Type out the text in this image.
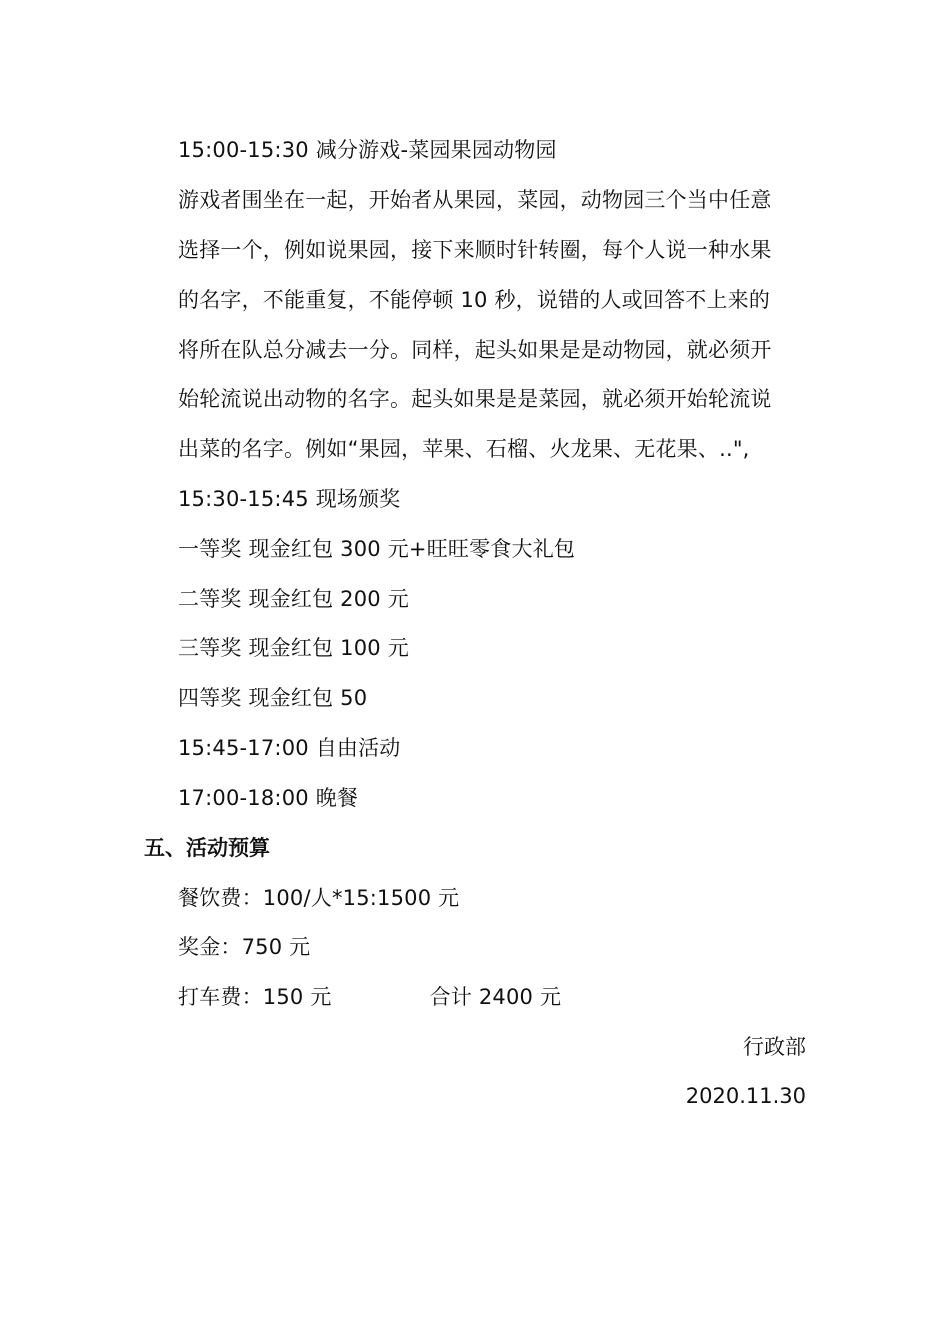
15:00-15:30 减分游戏-菜园果园动物园
游戏者围坐在一起，开始者从果园，菜园，动物园三个当中任意
选择一个，例如说果园，接下来顺时针转圈，每个人说一种水果
的名字，不能重复，不能停顿 10 秒，说错的人或回答不上来的
将所在队总分减去一分。同样，起头如果是是动物园，就必须开
始轮流说出动物的名字。起头如果是是菜园，就必须开始轮流说
出菜的名字。例如“果园，苹果、石榴、火龙果、无花果、..",
15:30-15:45 现场颁奖
一等奖 现金红包 300 元+旺旺零食大礼包
二等奖 现金红包 200 元
三等奖 现金红包 100 元
四等奖 现金红包 50
15:45-17:00 自由活动
17:00-18:00 晚餐
五、活动预算
餐饮费：100/人*15:1500 元
奖金：750 元
打车费：150 元	合计 2400 元
行政部
2020.11.30
